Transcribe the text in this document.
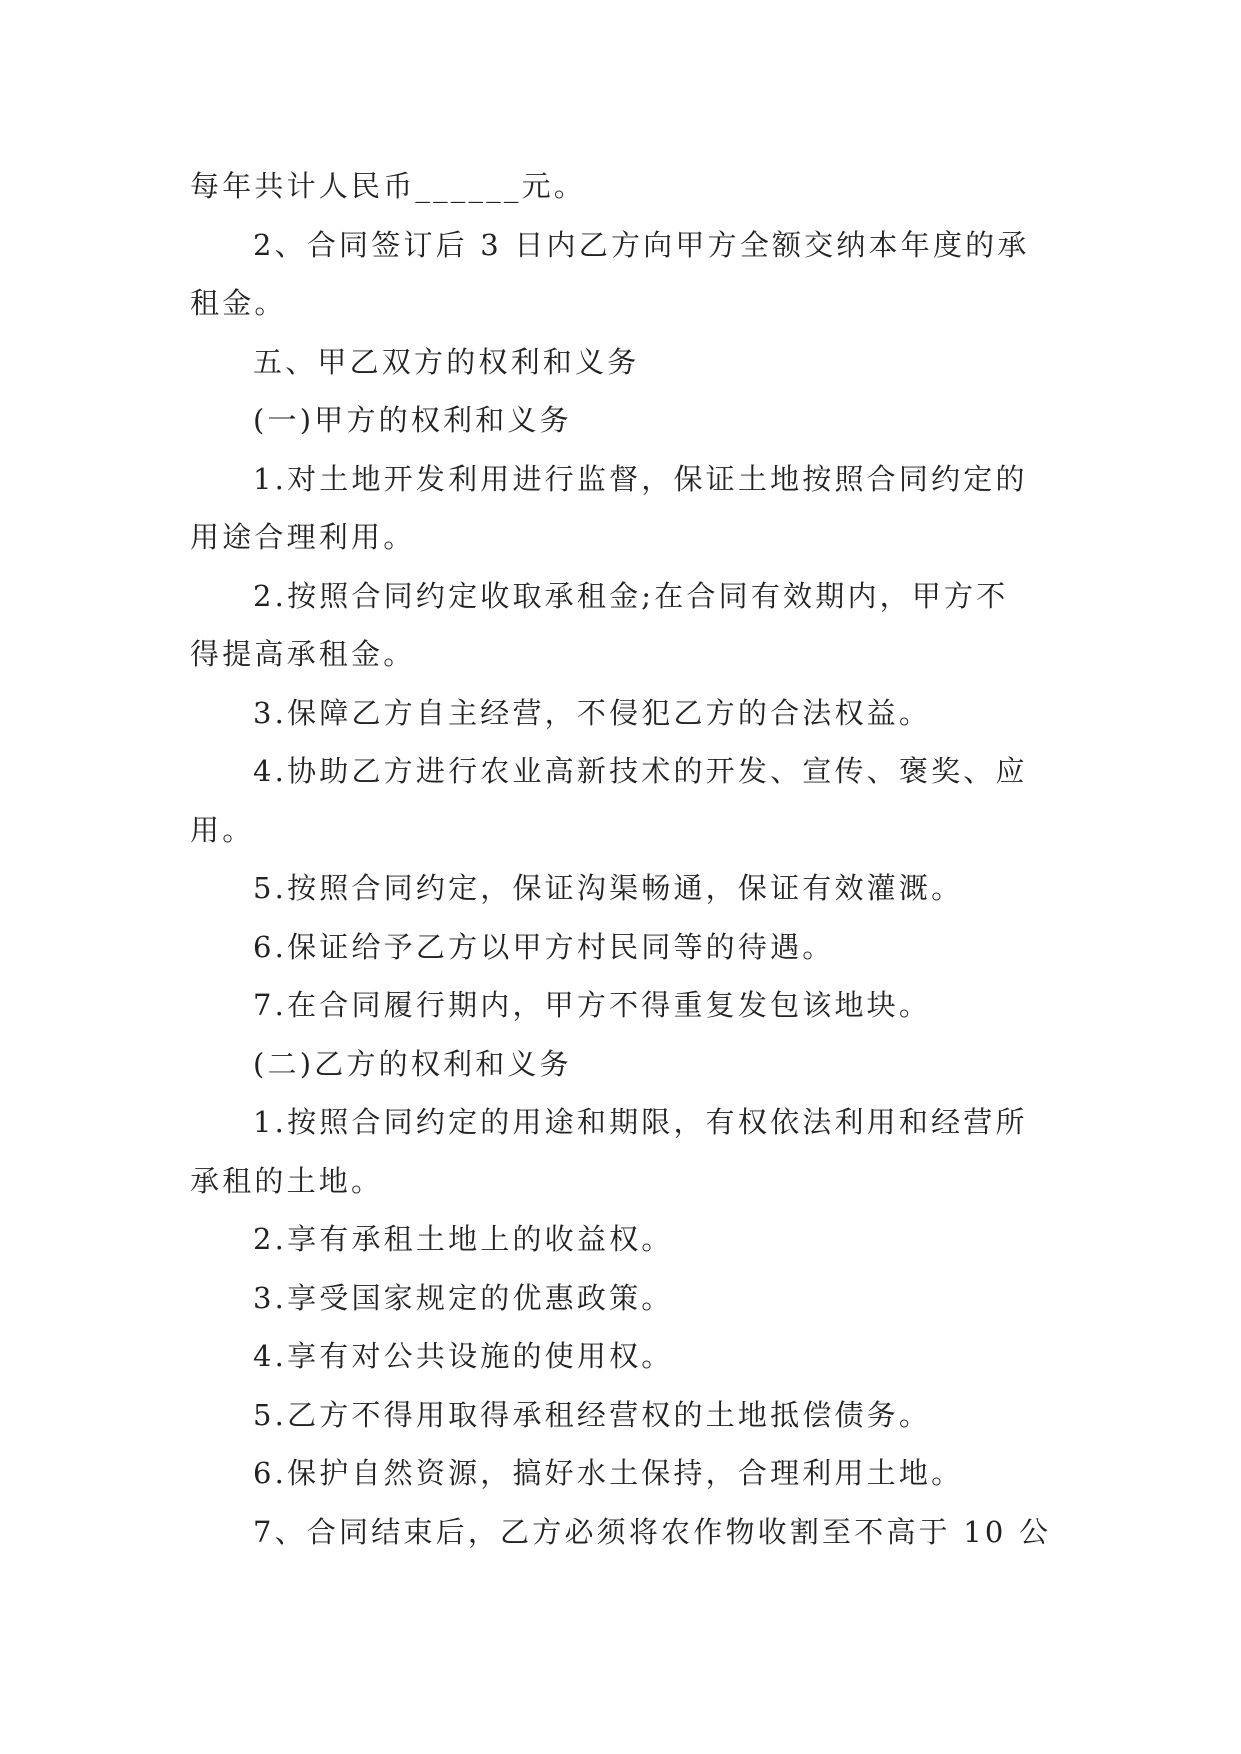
每年共计人民币______元。
2、合同签订后 3 日内乙方向甲方全额交纳本年度的承
租金。
五、甲乙双方的权利和义务
(一)甲方的权利和义务
1.对土地开发利用进行监督，保证土地按照合同约定的
用途合理利用。
2.按照合同约定收取承租金;在合同有效期内，甲方不
得提高承租金。
3.保障乙方自主经营，不侵犯乙方的合法权益。
4.协助乙方进行农业高新技术的开发、宣传、褒奖、应
用。
5.按照合同约定，保证沟渠畅通，保证有效灌溉。
6.保证给予乙方以甲方村民同等的待遇。
7.在合同履行期内，甲方不得重复发包该地块。
(二)乙方的权利和义务
1.按照合同约定的用途和期限，有权依法利用和经营所
承租的土地。
2.享有承租土地上的收益权。
3.享受国家规定的优惠政策。
4.享有对公共设施的使用权。
5.乙方不得用取得承租经营权的土地抵偿债务。
6.保护自然资源，搞好水土保持，合理利用土地。
7、合同结束后，乙方必须将农作物收割至不高于 10 公
